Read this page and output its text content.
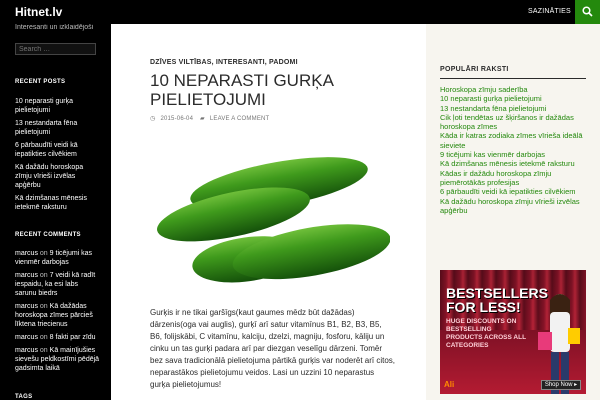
Hitnet.lv	SAZINĀTIES
Interesanti un izklaidējoši
Search …
RECENT POSTS
10 neparasti gurķa pielietojumi
13 nestandarta fēna pielietojumi
6 pārbaudīti veidi kā iepatikties cilvēkiem
Kā dažādu horoskopa zīmju vīrieši izvēlas apģērbu
Kā dzimšanas mēnesis ietekmē raksturu
RECENT COMMENTS
marcus on 9 ticējumi kas vienmēr darbojas
marcus on 7 veidi kā radīt iespaidu, ka esi labs sarunu biedrs
marcus on Kā dažādas horoskopa zīmes pārcieš līktena triecienus
marcus on 8 fakti par zīdu
marcus on Kā mainījušies sievešu peldkostīmi pēdējā gadsimta laikā
TAGS
DZĪVES VILTĪBAS, INTERESANTI, PADOMI
10 NEPARASTI GURĶA PIELIETOJUMI
◷ 2015-06-04 ▰ LEAVE A COMMENT

Gurķis ir ne tikai garšīgs(kaut gaumes mēdz būt dažādas) dārzenis(oga vai auglis), gurķī arī satur vitamīnus B1, B2, B3, B5, B6, folijskābi, C vitamīnu, kalciju, dzelzi, magniju, fosforu, kāliju un cinku un tas gurķi padara arī par diezgan veselīgu dārzeni. Tomēr bez sava tradicionālā pielietojuma pārtikā gurķis var noderēt arī citos, neparastākos pielietojumu veidos. Lasi un uzzini 10 neparastus gurķa pielietojumus!

POPULĀRI RAKSTI
Horoskopa zīmju saderība
10 neparasti gurķa pielietojumi
13 nestandarta fēna pielietojumi
Cik ļoti tendētas uz šķiršanos ir dažādas horoskopa zīmes
Kāda ir katras zodiaka zīmes vīrieša ideālā sieviete
9 ticējumi kas vienmēr darbojas
Kā dzimšanas mēnesis ietekmē raksturu
Kādas ir dažādu horoskopa zīmju piemērotākās profesijas
6 pārbaudīti veidi kā iepatikties cilvēkiem
Kā dažādu horoskopa zīmju vīrieši izvēlas apģērbu
BESTSELLERS FOR LESS!
HUGE DISCOUNTS ON BESTSELLING PRODUCTS ACROSS ALL CATEGORIES
Ali	Shop Now ▸
